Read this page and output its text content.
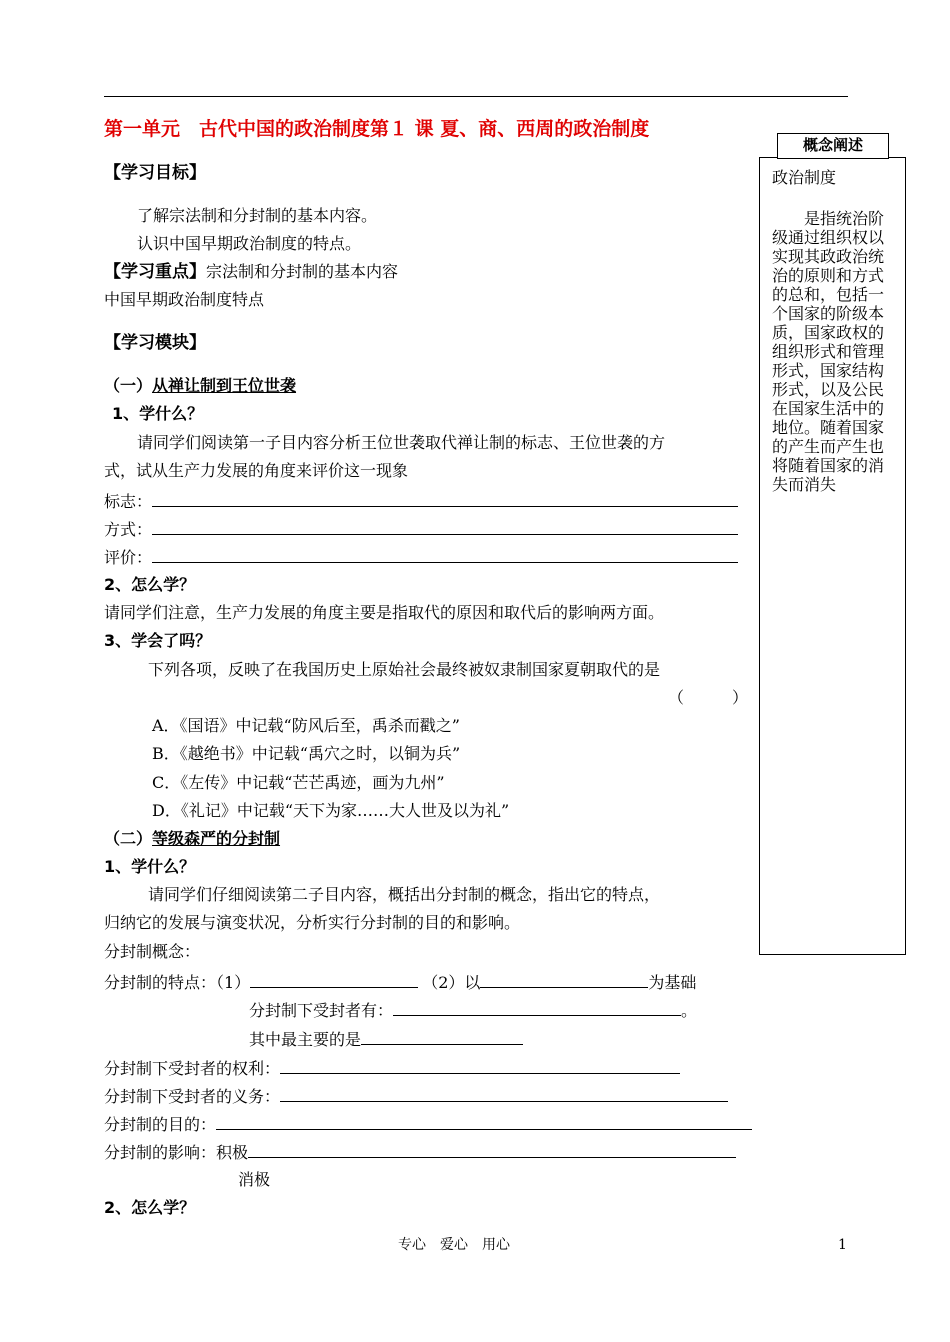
第一单元　古代中国的政治制度第１ 课 夏、商、西周的政治制度
概念阐述
政治制度
是指统治阶级通过组织权以实现其政政治统治的原则和方式的总和，包括一个国家的阶级本质，国家政权的组织形式和管理形式，国家结构形式，以及公民在国家生活中的地位。随着国家的产生而产生也将随着国家的消失而消失
【学习目标】
了解宗法制和分封制的基本内容。
认识中国早期政治制度的特点。
【学习重点】宗法制和分封制的基本内容
中国早期政治制度特点
【学习模块】
（一）从禅让制到王位世袭
1、学什么？
请同学们阅读第一子目内容分析王位世袭取代禅让制的标志、王位世袭的方
式，试从生产力发展的角度来评价这一现象
标志：
方式：
评价：
2、怎么学？
请同学们注意，生产力发展的角度主要是指取代的原因和取代后的影响两方面。
3、学会了吗？
下列各项，反映了在我国历史上原始社会最终被奴隶制国家夏朝取代的是
（　　　）
A．《国语》中记载“防风后至，禹杀而戳之”
B．《越绝书》中记载“禹穴之时，以铜为兵”
C．《左传》中记载“芒芒禹迹，画为九州”
D．《礼记》中记载“天下为家……大人世及以为礼”
（二）等级森严的分封制
1、学什么？
请同学们仔细阅读第二子目内容，概括出分封制的概念，指出它的特点，
归纳它的发展与演变状况，分析实行分封制的目的和影响。
分封制概念：
分封制的特点：（1）	（2）以	为基础
分封制下受封者有：	。
其中最主要的是
分封制下受封者的权利：
分封制下受封者的义务：
分封制的目的：
分封制的影响：积极
消极
2、怎么学？
专心　爱心　用心	1
